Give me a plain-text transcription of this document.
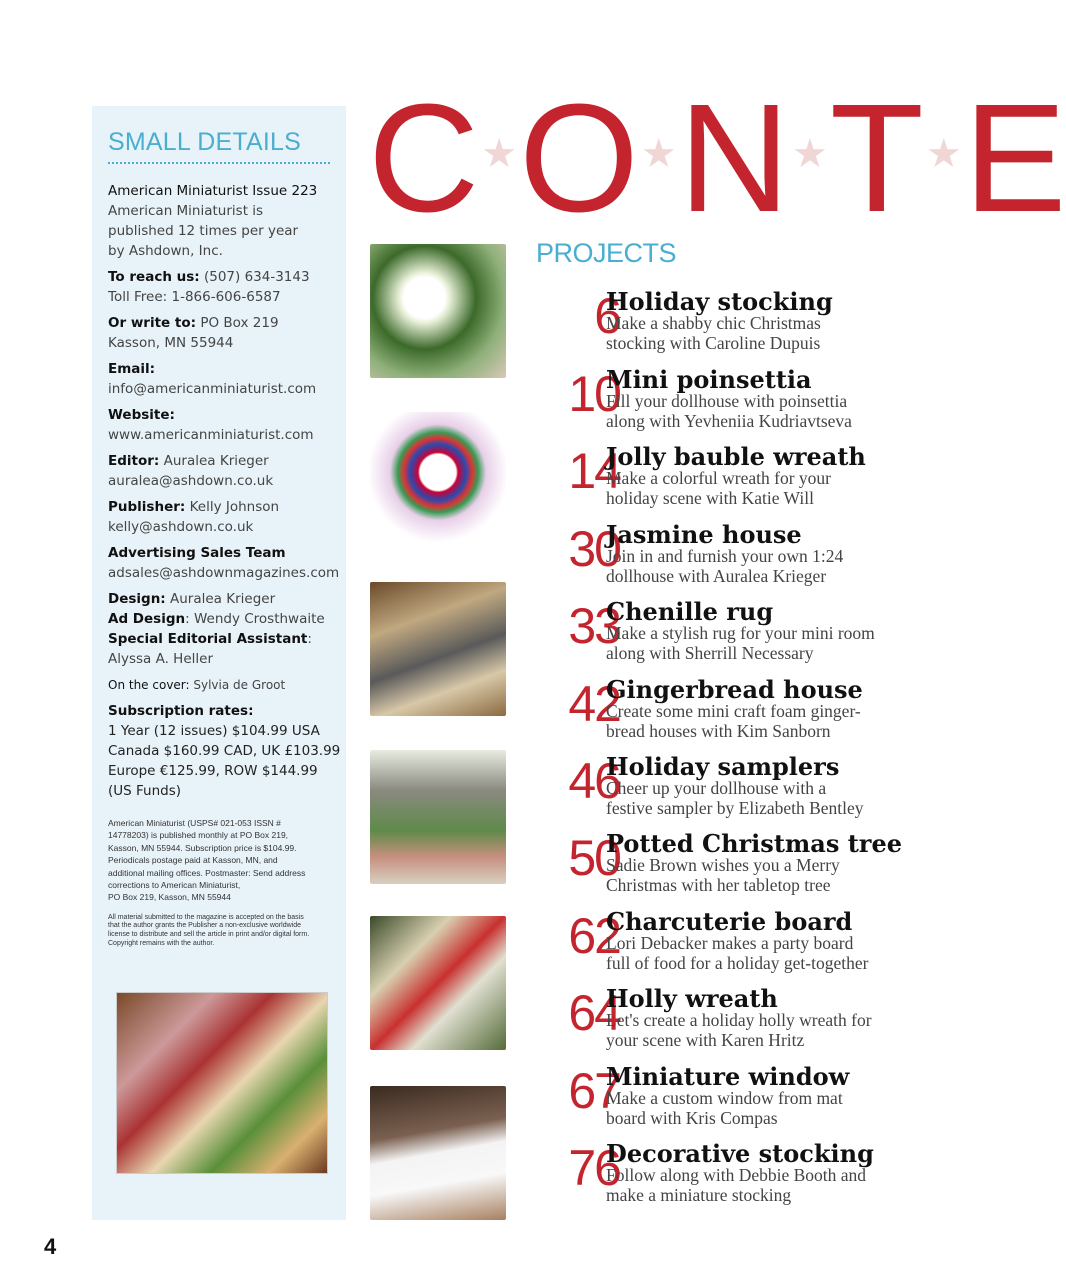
SMALL DETAILS
American Miniaturist Issue 223
American Miniaturist is
published 12 times per year
by Ashdown, Inc.
To reach us: (507) 634-3143
Toll Free: 1-866-606-6587
Or write to: PO Box 219
Kasson, MN 55944
Email:
info@americanminiaturist.com
Website:
www.americanminiaturist.com
Editor: Auralea Krieger
auralea@ashdown.co.uk
Publisher: Kelly Johnson
kelly@ashdown.co.uk
Advertising Sales Team
adsales@ashdownmagazines.com
Design: Auralea Krieger
Ad Design: Wendy Crosthwaite
Special Editorial Assistant:
Alyssa A. Heller
On the cover: Sylvia de Groot
Subscription rates:
1 Year (12 issues) $104.99 USA
Canada $160.99 CAD, UK £103.99
Europe €125.99, ROW $144.99
(US Funds)
American Miniaturist (USPS# 021-053 ISSN #
14778203) is published monthly at PO Box 219,
Kasson, MN 55944. Subscription price is $104.99.
Periodicals postage paid at Kasson, MN, and
additional mailing offices. Postmaster: Send address
corrections to American Miniaturist,
PO Box 219, Kasson, MN 55944
All material submitted to the magazine is accepted on the basis
that the author grants the Publisher a non-exclusive worldwide
license to distribute and sell the article in print and/or digital form.
Copyright remains with the author.
4
C★O★N★T★E
PROJECTS
6
Holiday stocking
Make a shabby chic Christmas
stocking with Caroline Dupuis
10
Mini poinsettia
Fill your dollhouse with poinsettia
along with Yevheniia Kudriavtseva
14
Jolly bauble wreath
Make a colorful wreath for your
holiday scene with Katie Will
30
Jasmine house
Join in and furnish your own 1:24
dollhouse with Auralea Krieger
33
Chenille rug
Make a stylish rug for your mini room
along with Sherrill Necessary
42
Gingerbread house
Create some mini craft foam ginger-
bread houses with Kim Sanborn
46
Holiday samplers
Cheer up your dollhouse with a
festive sampler by Elizabeth Bentley
50
Potted Christmas tree
Sadie Brown wishes you a Merry
Christmas with her tabletop tree
62
Charcuterie board
Lori Debacker makes a party board
full of food for a holiday get-together
64
Holly wreath
Let's create a holiday holly wreath for
your scene with Karen Hritz
67
Miniature window
Make a custom window from mat
board with Kris Compas
76
Decorative stocking
Follow along with Debbie Booth and
make a miniature stocking
